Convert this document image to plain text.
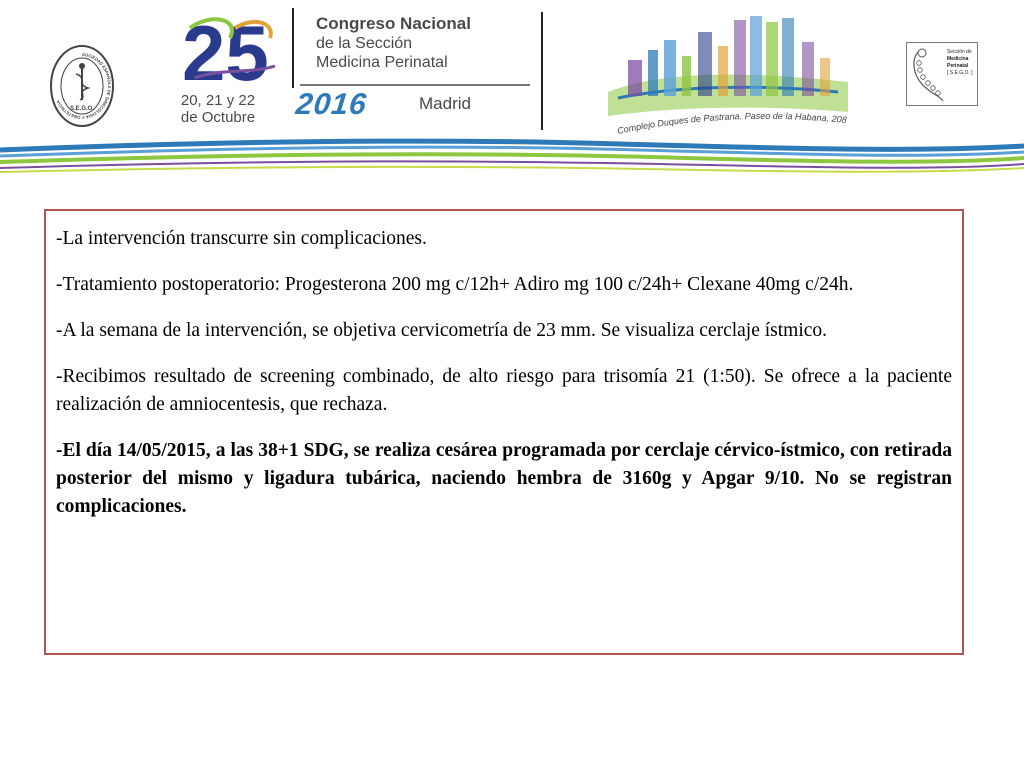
SOCIEDAD ESPAÑOLA DE GINECOLOGÍA Y OBSTETRICIA
S.E.G.O.
25
20, 21 y 22
de Octubre
Congreso Nacional
de la Sección
Medicina Perinatal
2016	Madrid
Complejo Duques de Pastrana. Paseo de la Habana, 208
Sección de
Medicina
Perinatal
[ S.E.G.O. ]

-La intervención transcurre sin complicaciones.

-Tratamiento postoperatorio: Progesterona 200 mg c/12h+ Adiro mg 100 c/24h+ Clexane 40mg c/24h.

-A la semana de la intervención, se objetiva cervicometría de 23 mm. Se visualiza cerclaje ístmico.

-Recibimos resultado de screening combinado, de alto riesgo para trisomía 21 (1:50). Se ofrece a la paciente realización de amniocentesis, que rechaza.

-El día 14/05/2015, a las 38+1 SDG, se realiza cesárea programada por cerclaje cérvico-ístmico, con retirada posterior del mismo y ligadura tubárica, naciendo hembra de 3160g y Apgar 9/10. No se registran complicaciones.
